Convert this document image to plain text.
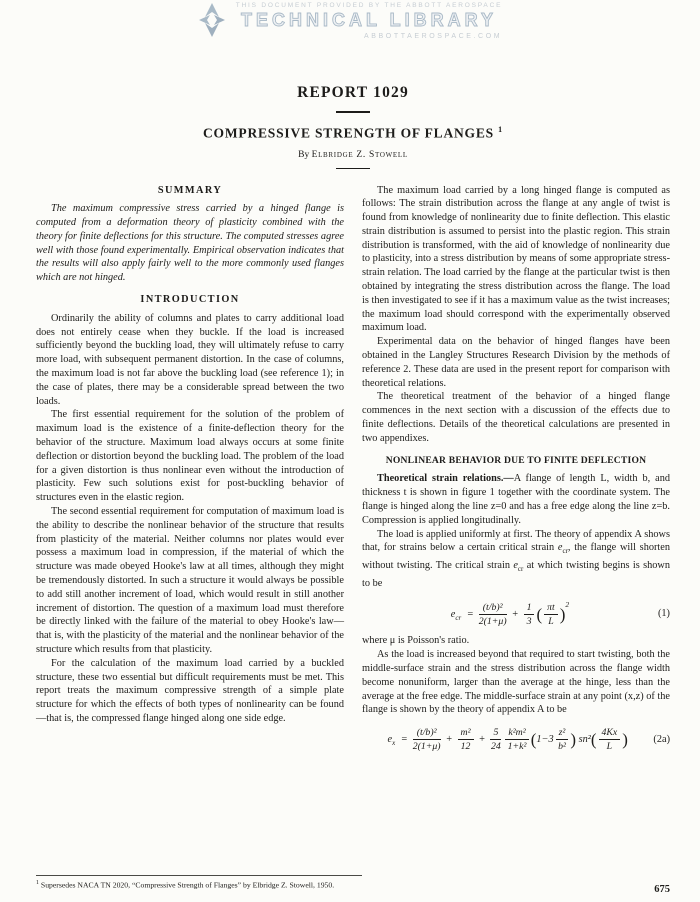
THIS DOCUMENT PROVIDED BY THE ABBOTT AEROSPACE
TECHNICAL LIBRARY
ABBOTTAEROSPACE.COM
REPORT 1029
COMPRESSIVE STRENGTH OF FLANGES $^1$
By Elbridge Z. Stowell
SUMMARY

The maximum compressive stress carried by a hinged flange is computed from a deformation theory of plasticity combined with the theory for finite deflections for this structure. The computed stresses agree well with those found experimentally. Empirical observation indicates that the results will also apply fairly well to the more commonly used flanges which are not hinged.

INTRODUCTION

Ordinarily the ability of columns and plates to carry additional load does not entirely cease when they buckle. If the load is increased sufficiently beyond the buckling load, they will ultimately refuse to carry more load, with subsequent permanent distortion. In the case of columns, the maximum load is not far above the buckling load (see reference 1); in the case of plates, there may be a considerable spread between the two loads.

The first essential requirement for the solution of the problem of maximum load is the existence of a finite-deflection theory for the behavior of the structure. Maximum load always occurs at some finite deflection or distortion beyond the buckling load. The problem of the load for a given distortion is thus nonlinear even without the introduction of plasticity. Few such solutions exist for post-buckling behavior of structures even in the elastic region.

The second essential requirement for computation of maximum load is the ability to describe the nonlinear behavior of the structure that results from plasticity of the material. Neither columns nor plates would ever possess a maximum load in compression, if the material of which the structure was made obeyed Hooke's law at all times, although they might be tremendously distorted. In such a structure it would always be possible to add still another increment of load, which would result in still another increment of distortion. The question of a maximum load must therefore be directly linked with the failure of the material to obey Hooke's law—that is, with the plasticity of the material and the nonlinear behavior of the structure which results from that plasticity.

For the calculation of the maximum load carried by a buckled structure, these two essential but difficult requirements must be met. This report treats the maximum compressive strength of a simple plate structure for which the effects of both types of nonlinearity can be found—that is, the compressed flange hinged along one side edge.

The maximum load carried by a long hinged flange is computed as follows: The strain distribution across the flange at any angle of twist is found from knowledge of nonlinearity due to finite deflection. This elastic strain distribution is assumed to persist into the plastic region. This strain distribution is transformed, with the aid of knowledge of nonlinearity due to plasticity, into a stress distribution by means of some appropriate stress-strain relation. The load carried by the flange at the particular twist is then obtained by integrating the stress distribution across the flange. The load is then investigated to see if it has a maximum value as the twist increases; the maximum load should correspond with the experimentally observed maximum load.

Experimental data on the behavior of hinged flanges have been obtained in the Langley Structures Research Division by the methods of reference 2. These data are used in the present report for comparison with theoretical relations.

The theoretical treatment of the behavior of a hinged flange commences in the next section with a discussion of the effects due to finite deflections. Details of the theoretical calculations are presented in two appendixes.

NONLINEAR BEHAVIOR DUE TO FINITE DEFLECTION

Theoretical strain relations.—A flange of length L, width b, and thickness t is shown in figure 1 together with the coordinate system. The flange is hinged along the line z=0 and has a free edge along the line z=b. Compression is applied longitudinally.

The load is applied uniformly at first. The theory of appendix A shows that, for strains below a certain critical strain $e_{cr}$, the flange will shorten without twisting. The critical strain $e_{cr}$ at which twisting begins is shown to be

$e_{cr} = \frac{\text{(t/b)²}}{2(1+\mu)} + \frac{1}{3}$ ( $\frac{\pi t}{L} )^2$
(1)

where μ is Poisson's ratio.

As the load is increased beyond that required to start twisting, both the middle-surface strain and the stress distribution across the flange width become nonuniform, larger than the average at the hinge, less than the average at the free edge. The middle-surface strain at any point (x,z) of the flange is shown by the theory of appendix A to be

$e_x = \frac{\text{(t/b)²}}{2(1+\mu)} + \frac{\text{m²}}{12} + \frac{5}{24} \frac{\text{k²m²}}{\text{1+k²}} (1-3 \frac{\text{z²}}{\text{b²}}$ ) $sn^2( \frac{4Kx}{L}$ )	(2a)
$^1$ Supersedes NACA TN 2020, “Compressive Strength of Flanges” by Elbridge Z. Stowell, 1950.	675
